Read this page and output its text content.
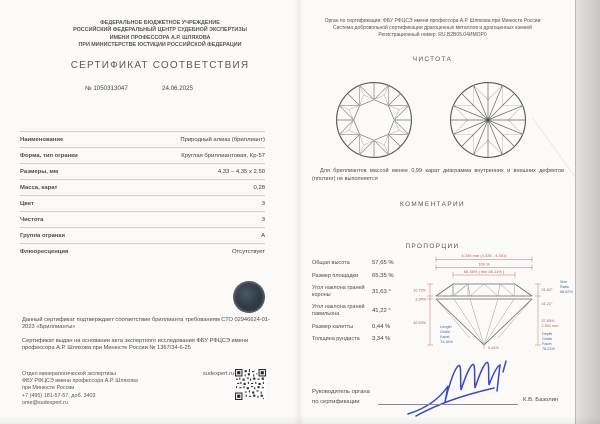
ФЕДЕРАЛЬНОЕ БЮДЖЕТНОЕ УЧРЕЖДЕНИЕ
РОССИЙСКИЙ ФЕДЕРАЛЬНЫЙ ЦЕНТР СУДЕБНОЙ ЭКСПЕРТИЗЫ
ИМЕНИ ПРОФЕССОРА А.Р. ШЛЯХОВА
ПРИ МИНИСТЕРСТВЕ ЮСТИЦИИ РОССИЙСКОЙ ФЕДЕРАЦИИ
СЕРТИФИКАТ СООТВЕТСТВИЯ
№ 1050313047	24.06.2025
Наименование	Природный алмаз (бриллиант)
Форма, тип огранки	Круглая бриллиантовая, Кр-57
Размеры, мм	4,33 – 4,35 x 2,50
Масса, карат	0,28
Цвет	3
Чистота	3
Группа огранки	А
Флюоресценция	Отсутствует

Данный сертификат подтверждает соответствие бриллианта требованиям СТО 02946624-01-2023 «Бриллианты»

Сертификат выдан на основании акта экспертного исследования ФБУ РФЦСЭ имени профессора А.Р. Шляхова при Минюсте России № 1367/34-6-25

Отдел минералогической экспертизы
ФБУ РФЦСЭ имени профессора А.Р. Шляхова
при Минюсте России
+7 (495) 181-57-57, доб. 3403
ome@sudexpert.ru
sudexpert.ru
Орган по сертификации: ФБУ РФЦСЭ имени профессора А.Р. Шляхова при Минюсте России
Система добровольной сертификации драгоценных металлов и драгоценных камней
Регистрационный номер: RU.B2B05.04ИМОР0
ЧИСТОТА
Для бриллиантов массой менее 0,99 карат диаграмма внутренних и внешних дефектов (плотинг) не выполняется
КОММЕНТАРИИ
ПРОПОРЦИИ
Общая высота	57,65 %
Размер площадки	65,35 %
Угол наклона граней короны	31,63 °
Угол наклона граней павильона	41,22 °
Размер калетты	0,44 %
Толщина рундиста	3,34 %
4.339 mm (4.326 - 4.351)
100 %
65.35% ( min 65.11% )
10.72%
3.34%
40.59%
Length
Girdle
Facet
74.16%
0.44%
31.63°
41.22°
Star
Ratio
56.52%
57.65%
2.501 mm
Depth
Girdle
Facet
76.21%
Руководитель органа
по сертификации	К.В. Базолин
